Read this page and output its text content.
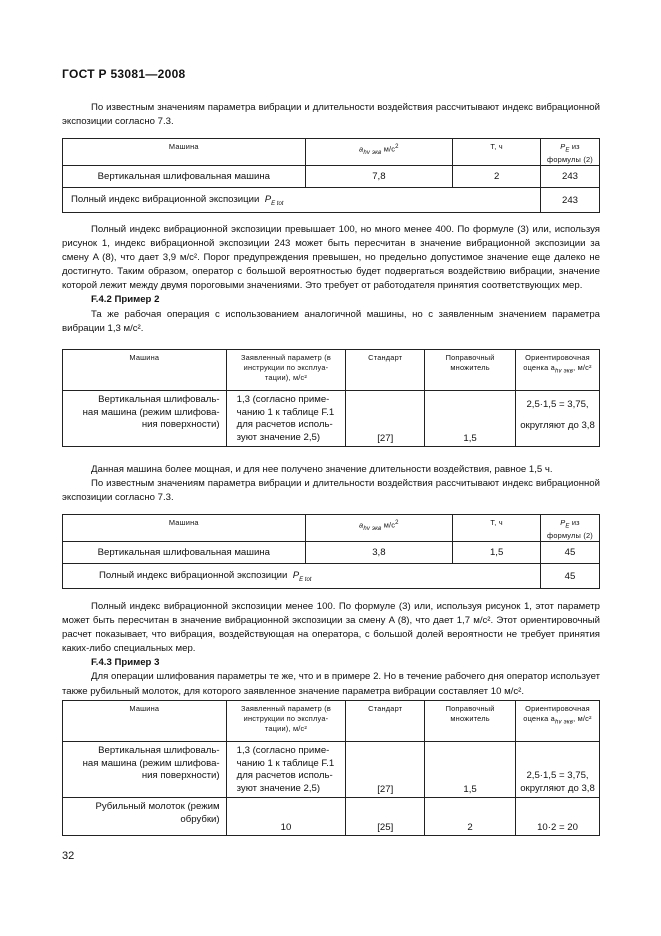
ГОСТ Р 53081—2008

По известным значениям параметра вибрации и длительности воздействия рассчитывают индекс вибрационной экспозиции согласно 7.3.

Машина	$a_{hv экв}$ $м/с^2$	T, ч	$P_E$ из формулы (2)
Вертикальная шлифовальная машина	7,8	2	243
Полный индекс вибрационной экспозиции $P_{E tot}$			243

Полный индекс вибрационной экспозиции превышает 100, но много менее 400. По формуле (3) или, используя рисунок 1, индекс вибрационной экспозиции 243 может быть пересчитан в значение вибрационной экспозиции за смену A (8), что дает 3,9 м/с². Порог предупреждения превышен, но предельно допустимое значение еще далеко не достигнуто. Таким образом, оператор с большой вероятностью будет подвергаться воздействию вибрации, значение которой лежит между двумя пороговыми значениями. Это требует от работодателя принятия соответствующих мер.

F.4.2 Пример 2

Та же рабочая операция с использованием аналогичной машины, но с заявленным значением параметра вибрации 1,3 м/с².

Машина	Заявленный параметр (в
инструкции по эксплуа-
тации), м/с²	Стандарт	Поправочный
множитель	Ориентировочная
оценка $a_{hv экв}$, м/с²
Вертикальная шлифоваль-
ная машина (режим шлифова-
ния поверхности)	1,3 (согласно приме-
чанию 1 к таблице F.1
для расчетов исполь-
зуют значение 2,5)	[27]	1,5	2,5·1,5 = 3,75,
округляют до 3,8

Данная машина более мощная, и для нее получено значение длительности воздействия, равное 1,5 ч.

По известным значениям параметра вибрации и длительности воздействия рассчитывают индекс вибрационной экспозиции согласно 7.3.

Машина	$a_{hv экв}$ $м/с^2$	T, ч	$P_E$ из формулы (2)
Вертикальная шлифовальная машина	3,8	1,5	45
Полный индекс вибрационной экспозиции $P_{E tot}$			45

Полный индекс вибрационной экспозиции менее 100. По формуле (3) или, используя рисунок 1, этот параметр может быть пересчитан в значение вибрационной экспозиции за смену A (8), что дает 1,7 м/с². Этот ориентировочный расчет показывает, что вибрация, воздействующая на оператора, с большой долей вероятности не требует принятия каких-либо специальных мер.

F.4.3 Пример 3

Для операции шлифования параметры те же, что и в примере 2. Но в течение рабочего дня оператор использует также рубильный молоток, для которого заявленное значение параметра вибрации составляет 10 м/с².

Машина	Заявленный параметр (в
инструкции по эксплуа-
тации), м/с²	Стандарт	Поправочный
множитель	Ориентировочная
оценка $a_{hv экв}$, м/с²
Вертикальная шлифоваль-
ная машина (режим шлифова-
ния поверхности)	1,3 (согласно приме-
чанию 1 к таблице F.1
для расчетов исполь-
зуют значение 2,5)	[27]	1,5	2,5·1,5 = 3,75,
округляют до 3,8
Рубильный молоток (режим
обрубки)	10	[25]	2	10·2 = 20
32
